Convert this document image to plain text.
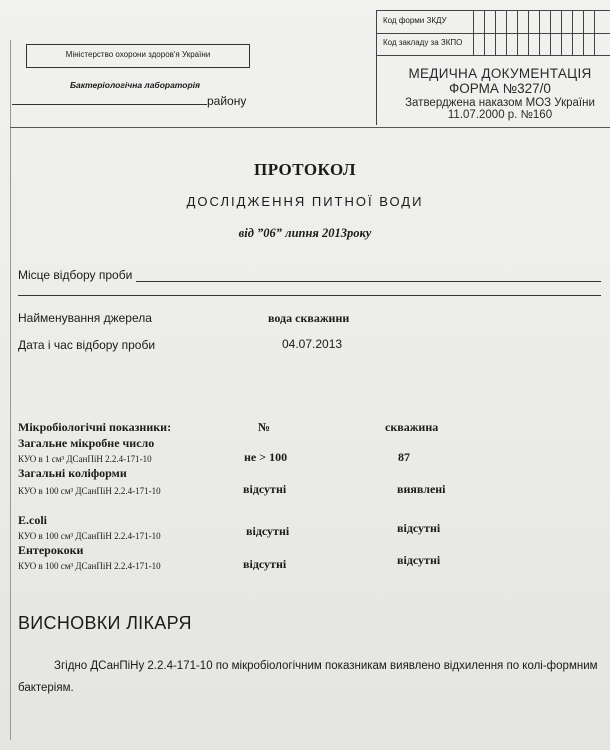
Код форми ЗКДУ
Код закладу за ЗКПО
Міністерство охорони здоров'я України
Бактеріологічна лабораторія
району
МЕДИЧНА ДОКУМЕНТАЦІЯ
ФОРМА №327/0
Затверджена наказом МОЗ України
11.07.2000 р. №160
ПРОТОКОЛ
ДОСЛІДЖЕННЯ ПИТНОЇ ВОДИ
від ”06” липня 2013року
Місце відбору проби
Найменування джерела	вода скважини
Дата і час відбору проби	04.07.2013
Мікробіологічні показники:	№	скважина
Загальне мікробне число
КУО в 1 см³ ДСанПіН 2.2.4-171-10	не > 100	87
Загальні коліформи
КУО в 100 см³ ДСанПіН 2.2.4-171-10	відсутні	виявлені
E.coli
КУО в 100 см³ ДСанПіН 2.2.4-171-10	відсутні	відсутні
Ентерококи
КУО в 100 см³ ДСанПіН 2.2.4-171-10	відсутні	відсутні
ВИСНОВКИ ЛІКАРЯ
Згідно ДСанПіНу 2.2.4-171-10 по мікробіологічним показникам виявлено відхилення по колі-формним бактеріям.
